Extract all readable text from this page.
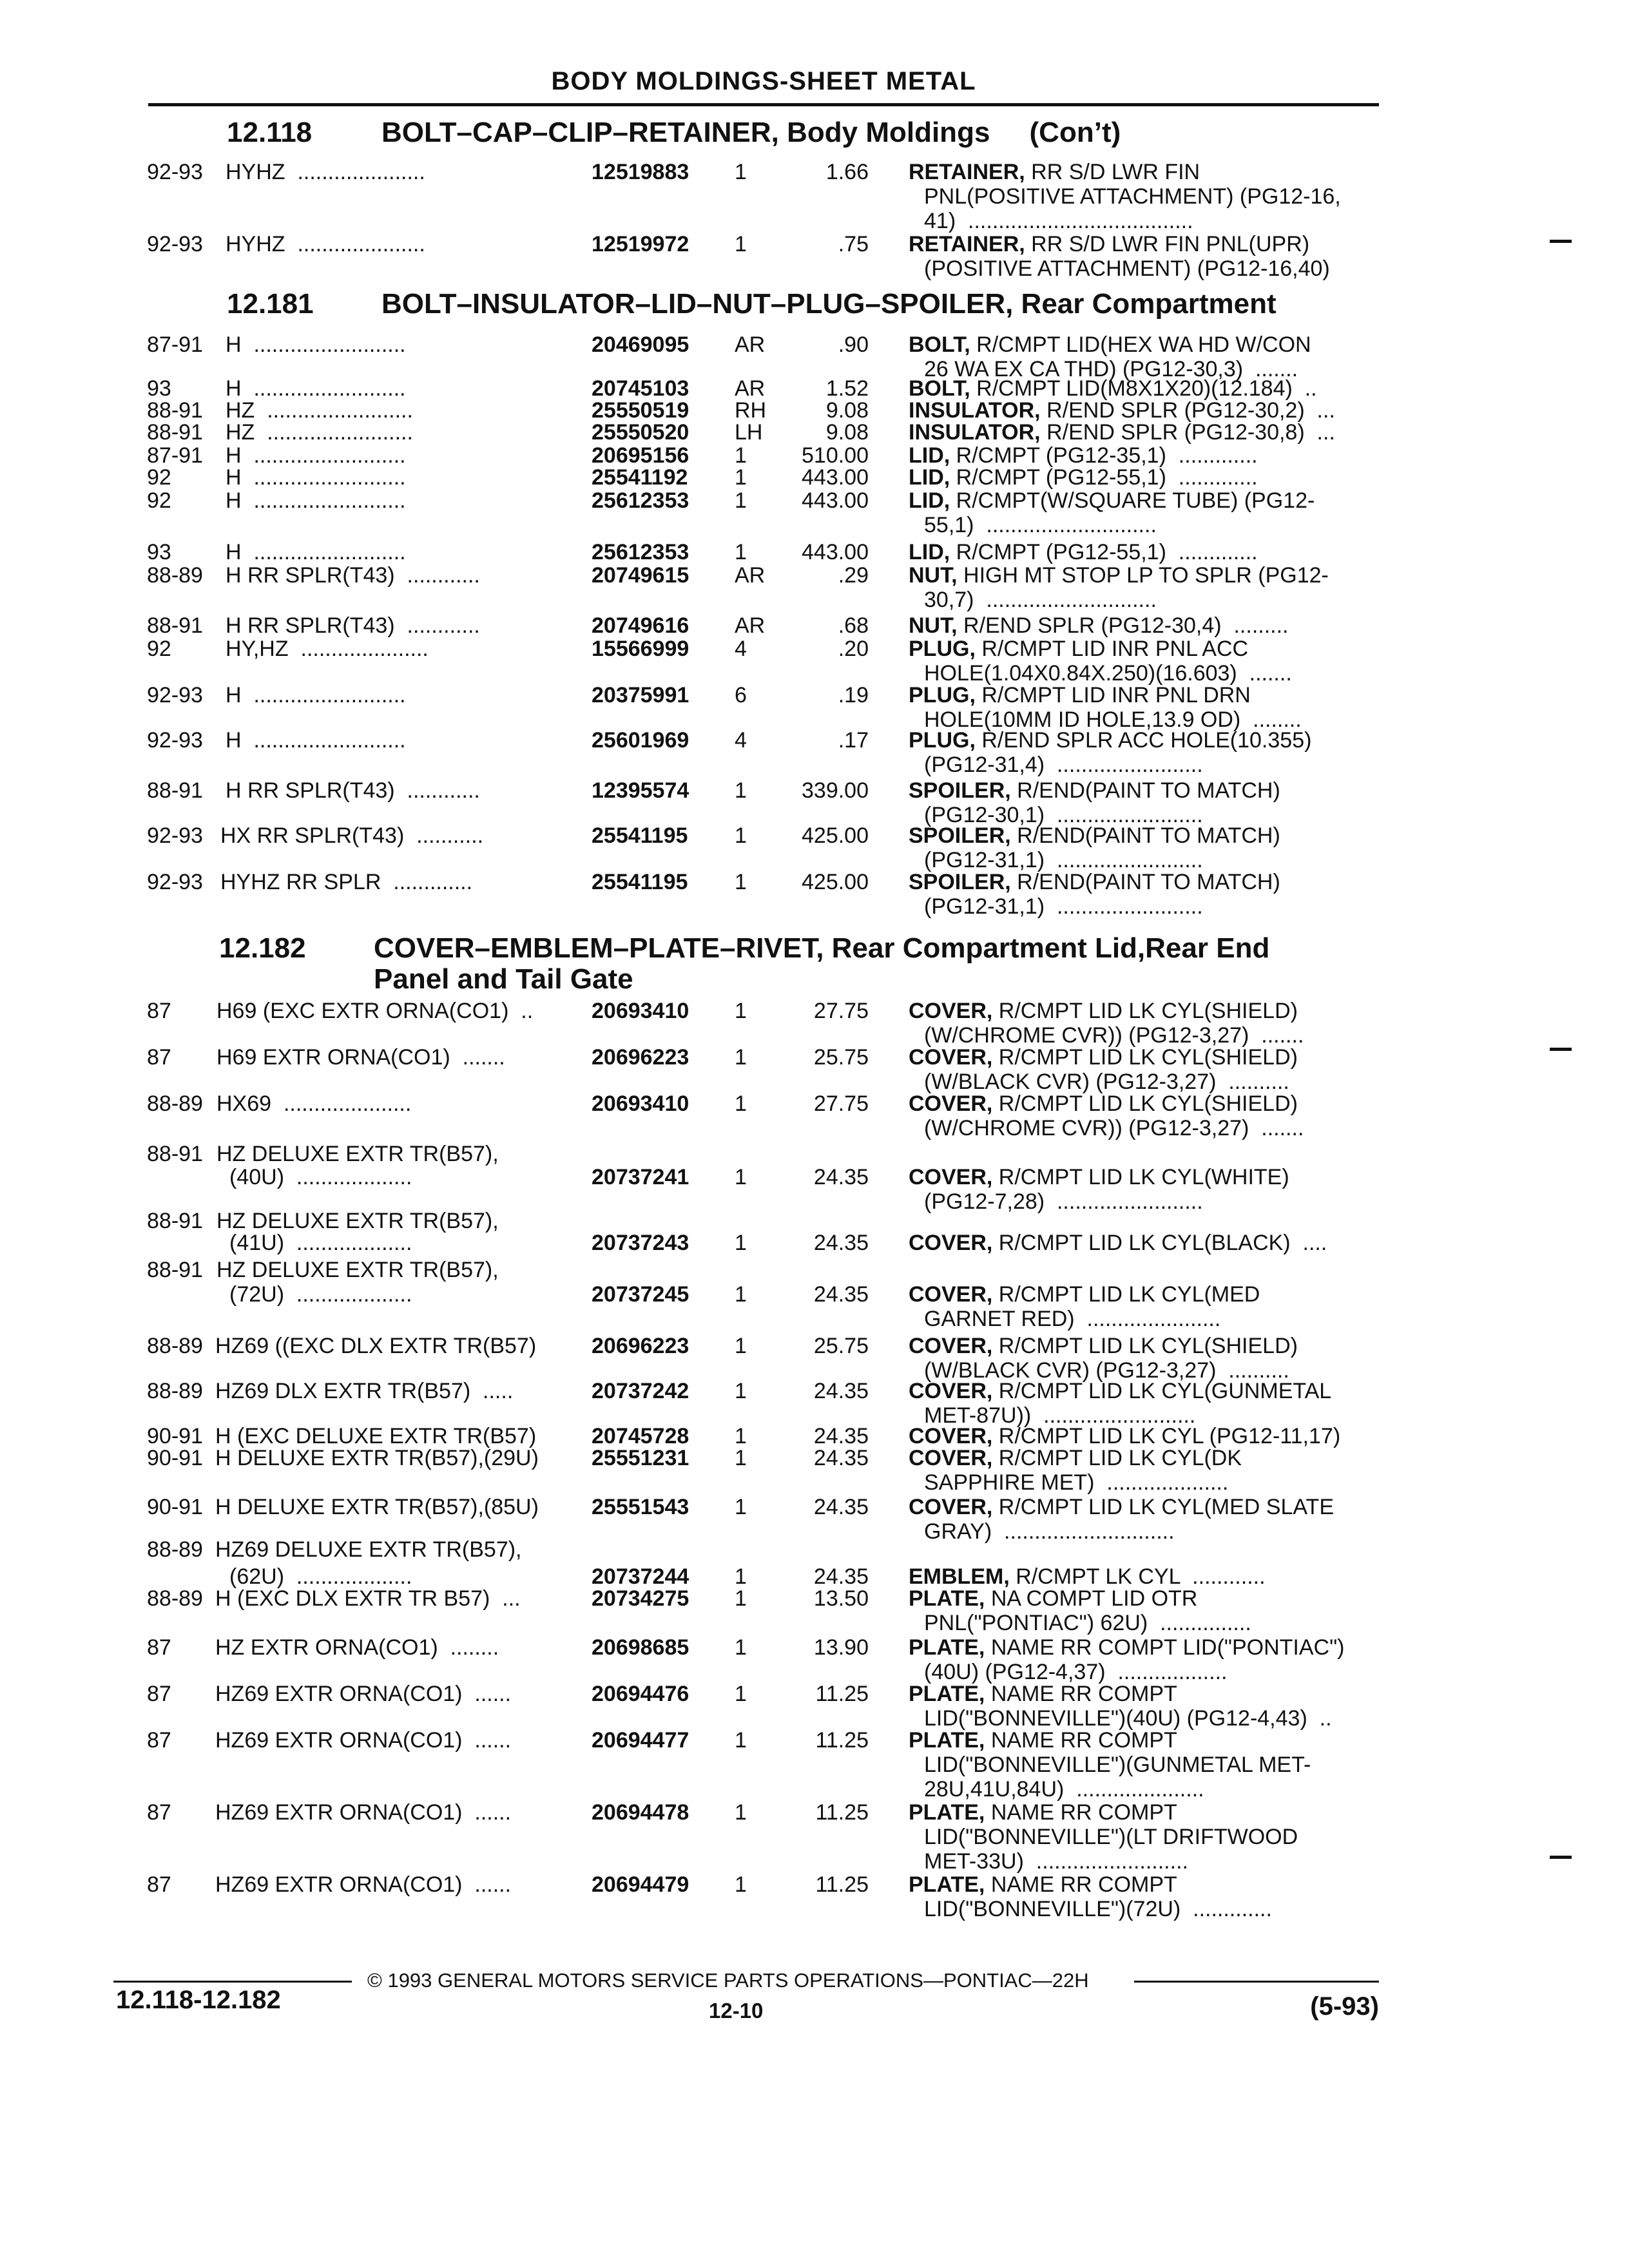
BODY MOLDINGS-SHEET METAL
12.118 BOLT–CAP–CLIP–RETAINER, Body Moldings     (Con’t)
12.181 BOLT–INSULATOR–LID–NUT–PLUG–SPOILER, Rear Compartment
12.182 COVER–EMBLEM–PLATE–RIVET, Rear Compartment Lid,Rear End Panel and Tail Gate
92-93 HYHZ  .....................	12519883 1	1.66 RETAINER, RR S/D LWR FIN
PNL(POSITIVE ATTACHMENT) (PG12-16,
41)  .....................................
92-93 HYHZ  .....................	12519972 1	.75 RETAINER, RR S/D LWR FIN PNL(UPR)
(POSITIVE ATTACHMENT) (PG12-16,40)
87-91 H  .........................	20469095 AR	.90 BOLT, R/CMPT LID(HEX WA HD W/CON
26 WA EX CA THD) (PG12-30,3)  .......
93 H  .........................	20745103 AR	1.52 BOLT, R/CMPT LID(M8X1X20)(12.184)  ..
88-91 HZ  ........................	25550519 RH	9.08 INSULATOR, R/END SPLR (PG12-30,2)  ...
88-91 HZ  ........................	25550520 LH	9.08 INSULATOR, R/END SPLR (PG12-30,8)  ...
87-91 H  .........................	20695156 1	510.00 LID, R/CMPT (PG12-35,1)  .............
92 H  .........................	25541192 1	443.00 LID, R/CMPT (PG12-55,1)  .............
92 H  .........................	25612353 1	443.00 LID, R/CMPT(W/SQUARE TUBE) (PG12-
55,1)  ............................
93 H  .........................	25612353 1	443.00 LID, R/CMPT (PG12-55,1)  .............
88-89 H RR SPLR(T43)  ............	20749615 AR	.29 NUT, HIGH MT STOP LP TO SPLR (PG12-
30,7)  ............................
88-91 H RR SPLR(T43)  ............	20749616 AR	.68 NUT, R/END SPLR (PG12-30,4)  .........
92 HY,HZ  .....................	15566999 4	.20 PLUG, R/CMPT LID INR PNL ACC
HOLE(1.04X0.84X.250)(16.603)  .......
92-93 H  .........................	20375991 6	.19 PLUG, R/CMPT LID INR PNL DRN
HOLE(10MM ID HOLE,13.9 OD)  ........
92-93 H  .........................	25601969 4	.17 PLUG, R/END SPLR ACC HOLE(10.355)
(PG12-31,4)  ........................
88-91 H RR SPLR(T43)  ............	12395574 1	339.00 SPOILER, R/END(PAINT TO MATCH)
(PG12-30,1)  ........................
92-93 HX RR SPLR(T43)  ...........	25541195 1	425.00 SPOILER, R/END(PAINT TO MATCH)
(PG12-31,1)  ........................
92-93 HYHZ RR SPLR  .............	25541195 1	425.00 SPOILER, R/END(PAINT TO MATCH)
(PG12-31,1)  ........................
87 H69 (EXC EXTR ORNA(CO1)  ..	20693410 1	27.75 COVER, R/CMPT LID LK CYL(SHIELD)
(W/CHROME CVR)) (PG12-3,27)  .......
87 H69 EXTR ORNA(CO1)  .......	20696223 1	25.75 COVER, R/CMPT LID LK CYL(SHIELD)
(W/BLACK CVR) (PG12-3,27)  ..........
88-89 HX69  .....................	20693410 1	27.75 COVER, R/CMPT LID LK CYL(SHIELD)
(W/CHROME CVR)) (PG12-3,27)  .......
88-91 HZ DELUXE EXTR TR(B57),
(40U)  ...................	20737241 1	24.35 COVER, R/CMPT LID LK CYL(WHITE)
(PG12-7,28)  ........................
88-91 HZ DELUXE EXTR TR(B57),
(41U)  ...................	20737243 1	24.35 COVER, R/CMPT LID LK CYL(BLACK)  ....
88-91 HZ DELUXE EXTR TR(B57),
(72U)  ...................	20737245 1	24.35 COVER, R/CMPT LID LK CYL(MED
GARNET RED)  ......................
88-89 HZ69 ((EXC DLX EXTR TR(B57)	20696223 1	25.75 COVER, R/CMPT LID LK CYL(SHIELD)
(W/BLACK CVR) (PG12-3,27)  ..........
88-89 HZ69 DLX EXTR TR(B57)  .....	20737242 1	24.35 COVER, R/CMPT LID LK CYL(GUNMETAL
MET-87U))  .........................
90-91 H (EXC DELUXE EXTR TR(B57)	20745728 1	24.35 COVER, R/CMPT LID LK CYL (PG12-11,17)
90-91 H DELUXE EXTR TR(B57),(29U) 25551231 1	24.35 COVER, R/CMPT LID LK CYL(DK
SAPPHIRE MET)  ....................
90-91 H DELUXE EXTR TR(B57),(85U) 25551543 1	24.35 COVER, R/CMPT LID LK CYL(MED SLATE
GRAY)  ............................
88-89 HZ69 DELUXE EXTR TR(B57),
(62U)  ...................	20737244 1	24.35 EMBLEM, R/CMPT LK CYL  ............
88-89 H (EXC DLX EXTR TR B57)  ...	20734275 1	13.50 PLATE, NA COMPT LID OTR
PNL("PONTIAC") 62U)  ...............
87 HZ EXTR ORNA(CO1)  ........	20698685 1	13.90 PLATE, NAME RR COMPT LID("PONTIAC")
(40U) (PG12-4,37)  ..................
87 HZ69 EXTR ORNA(CO1)  ......	20694476 1	11.25 PLATE, NAME RR COMPT
LID("BONNEVILLE")(40U) (PG12-4,43)  ..
87 HZ69 EXTR ORNA(CO1)  ......	20694477 1	11.25 PLATE, NAME RR COMPT
LID("BONNEVILLE")(GUNMETAL MET-
28U,41U,84U)  .....................
87 HZ69 EXTR ORNA(CO1)  ......	20694478 1	11.25 PLATE, NAME RR COMPT
LID("BONNEVILLE")(LT DRIFTWOOD
MET-33U)  .........................
87 HZ69 EXTR ORNA(CO1)  ......	20694479 1	11.25 PLATE, NAME RR COMPT
LID("BONNEVILLE")(72U)  .............
© 1993 GENERAL MOTORS SERVICE PARTS OPERATIONS—PONTIAC—22H
12.118-12.182	12-10	(5-93)
